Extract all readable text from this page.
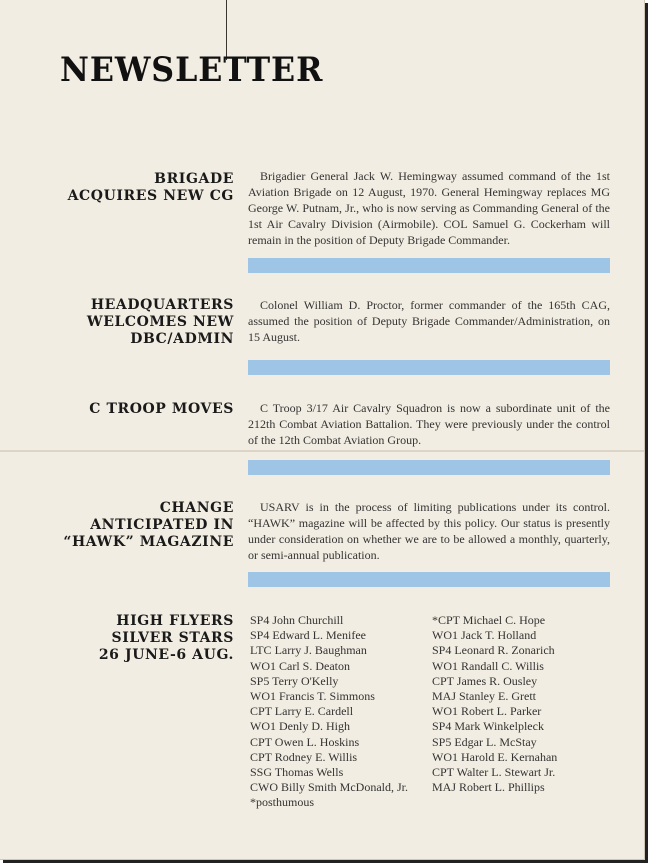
NEWSLETTER
BRIGADE
ACQUIRES NEW CG

Brigadier General Jack W. Hemingway assumed command of the 1st Aviation Brigade on 12 August, 1970. General Hemingway replaces MG George W. Putnam, Jr., who is now serving as Commanding General of the 1st Air Cavalry Division (Airmobile). COL Samuel G. Cockerham will remain in the position of Deputy Brigade Commander.

HEADQUARTERS
WELCOMES NEW
DBC/ADMIN

Colonel William D. Proctor, former commander of the 165th CAG, assumed the position of Deputy Brigade Commander/Administration, on 15 August.

C TROOP MOVES	C Troop 3/17 Air Cavalry Squadron is now a subordinate unit of the 212th Combat Aviation Battalion. They were previously under the control of the 12th Combat Aviation Group.

CHANGE
ANTICIPATED IN
“HAWK” MAGAZINE

USARV is in the process of limiting publications under its control. “HAWK” magazine will be affected by this policy. Our status is presently under consideration on whether we are to be allowed a monthly, quarterly, or semi-annual publication.

HIGH FLYERS
SILVER STARS
26 JUNE-6 AUG.
SP4 John Churchill
SP4 Edward L. Menifee
LTC Larry J. Baughman
WO1 Carl S. Deaton
SP5 Terry O'Kelly
WO1 Francis T. Simmons
CPT Larry E. Cardell
WO1 Denly D. High
CPT Owen L. Hoskins
CPT Rodney E. Willis
SSG Thomas Wells
CWO Billy Smith McDonald, Jr.
*posthumous
*CPT Michael C. Hope
WO1 Jack T. Holland
SP4 Leonard R. Zonarich
WO1 Randall C. Willis
CPT James R. Ousley
MAJ Stanley E. Grett
WO1 Robert L. Parker
SP4 Mark Winkelpleck
SP5 Edgar L. McStay
WO1 Harold E. Kernahan
CPT Walter L. Stewart Jr.
MAJ Robert L. Phillips
